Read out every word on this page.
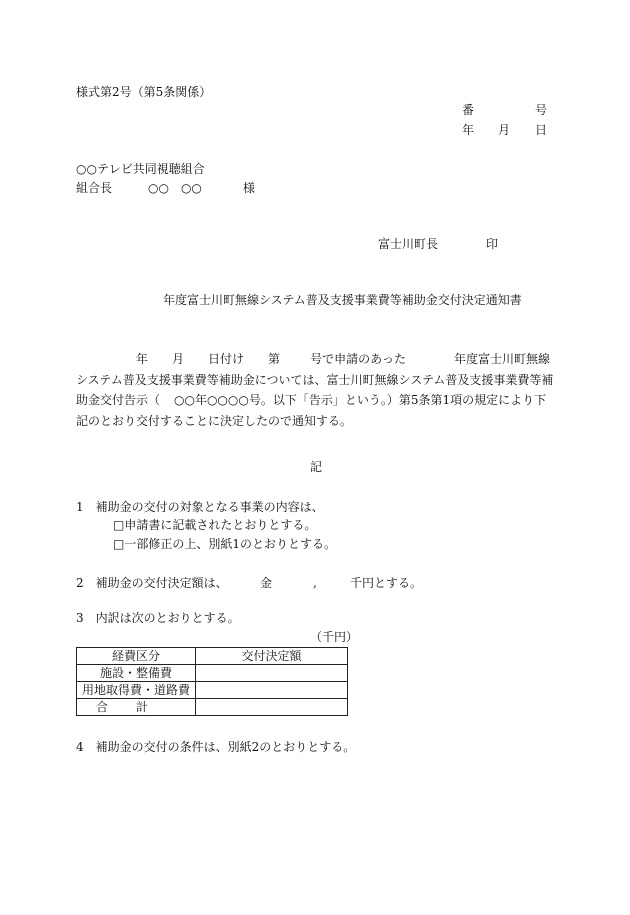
様式第2号（第5条関係）
番	号
年 月 日
○○テレビ共同視聴組合
組合長	○○　○○	様
富士川町長	印
年度富士川町無線システム普及支援事業費等補助金交付決定通知書
年 月 日付け 第	号で申請のあった	年度富士川町無線
システム普及支援事業費等補助金については、富士川町無線システム普及支援事業費等補
助金交付告示（ ○○年○○○○号。以下「告示」という。）第5条第1項の規定により下
記のとおり交付することに決定したので通知する。
記
1　補助金の交付の対象となる事業の内容は、
□申請書に記載されたとおりとする。
□一部修正の上、別紙1のとおりとする。
2　補助金の交付決定額は、	金	,	千円とする。
3　内訳は次のとおりとする。
（千円）
経費区分	交付決定額
施設・整備費	
用地取得費・道路費	
合計	
4　補助金の交付の条件は、別紙2のとおりとする。
